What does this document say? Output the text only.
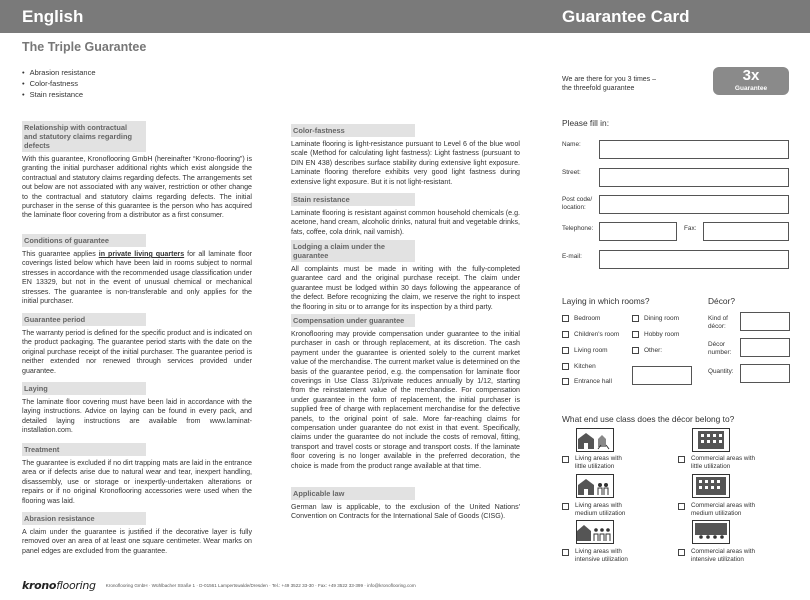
English	Guarantee Card
The Triple Guarantee
• Abrasion resistance
• Color-fastness
• Stain resistance
Relationship with contractual and statutory claims regarding defects

With this guarantee, Kronoflooring GmbH (hereinafter “Krono-flooring”) is granting the initial purchaser additional rights which exist alongside the contractual and statutory claims regarding defects. The arrangements set out below are not associated with any waiver, restriction or other change to the contractual and statutory claims regarding defects. The initial purchaser in the sense of this guarantee is the person who has acquired the laminate floor covering from a distributor as a first consumer.

Conditions of guarantee

This guarantee applies in private living quarters for all laminate floor coverings listed below which have been laid in rooms subject to normal stresses in accordance with the recommended usage classification under EN 13329, but not in the event of unusual chemical or mechanical stresses. The guarantee is non-transferable and only applies for the initial purchaser.

Guarantee period

The warranty period is defined for the specific product and is indicated on the product packaging. The guarantee period starts with the date on the original purchase receipt of the initial purchaser. The guarantee period is neither extended nor renewed through services provided under guarantee.

Laying

The laminate floor covering must have been laid in accordance with the laying instructions. Advice on laying can be found in every pack, and detailed laying instructions are available from www.laminat-installation.com.

Treatment

The guarantee is excluded if no dirt trapping mats are laid in the entrance area or if defects arise due to natural wear and tear, inexpert handling, disassembly, use or storage or inexpertly-undertaken alterations or repairs or if no original Kronoflooring accessories were used when the flooring was laid.

Abrasion resistance

A claim under the guarantee is justified if the decorative layer is fully removed over an area of at least one square centimeter. Wear marks on panel edges are excluded from the guarantee.

Color-fastness

Laminate flooring is light-resistance pursuant to Level 6 of the blue wool scale (Method for calculating light fastness): Light fastness (pursuant to DIN EN 438) describes surface stability during extensive light exposure. Laminate flooring therefore exhibits very good light fastness during extensive light exposure. But it is not light-resistant.

Stain resistance

Laminate flooring is resistant against common household chemicals (e.g. acetone, hand cream, alcoholic drinks, natural fruit and vegetable drinks, fats, coffee, cola drink, nail varnish).

Lodging a claim under the guarantee

All complaints must be made in writing with the fully-completed guarantee card and the original purchase receipt. The claim under guarantee must be lodged within 30 days following the appearance of the defect. Before recognizing the claim, we reserve the right to inspect the flooring in situ or to arrange for its inspection by a third party.

Compensation under guarantee

Kronoflooring may provide compensation under guarantee to the initial purchaser in cash or through replacement, at its discretion. The cash payment under the guarantee is oriented solely to the current market value of the merchandise. The current market value is determined on the basis of the guarantee period, e.g. the compensation for laminate floor coverings in Use Class 31/private reduces annually by 1/12, starting from the reinstatement value of the merchandise. For compensation under guarantee in the form of replacement, the initial purchaser is supplied free of charge with replacement merchandise for the defective panels, to the original point of sale. More far-reaching claims for compensation under guarantee do not exist in that event. Specifically, claims under the guarantee do not include the costs of removal, fitting, transport and travel costs or storage and transport costs. If the laminate floor covering is no longer available in the preferred decoration, the choice is made from the product range available at that time.

Applicable law

German law is applicable, to the exclusion of the United Nations' Convention on Contracts for the International Sale of Goods (CISG).

kronoflooring Kronoflooring GmbH · Wühlbacher Straße 1 · D-01561 Lampertswalde/Dresden · Tel.: +49 3522 33-30 · Fax: +49 3522 33-399 · info@kronoflooring.com
We are there for you 3 times –
the threefold guarantee
3x
Guarantee
Please fill in:
Name:
Street:
Post code/
location:
Telephone:	Fax:
E-mail:
Laying in which rooms?	Décor?
Bedroom	Dining room
Children's room	Hobby room
Living room	Other:
Kitchen
Entrance hall
Kind of
décor:
Décor
number:
Quantity:
What end use class does the décor belong to?
Living areas with
little utilization
Commercial areas with
little utilization
Living areas with
medium utilization
Commercial areas with
medium utilization
Living areas with
intensive utilization
Commercial areas with
intensive utilization
